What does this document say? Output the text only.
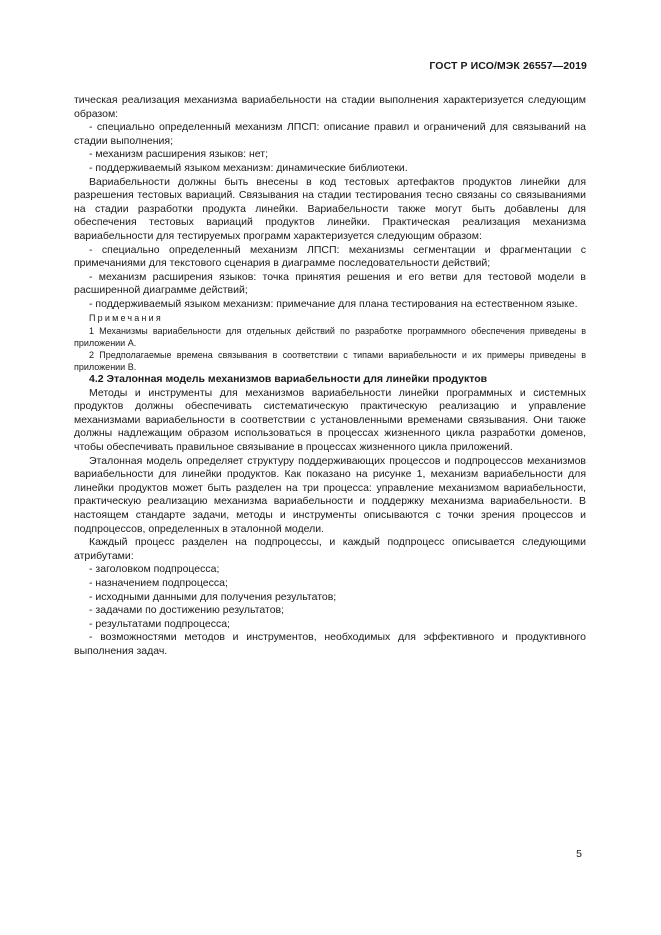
ГОСТ Р ИСО/МЭК 26557—2019

тическая реализация механизма вариабельности на стадии выполнения характеризуется следующим образом:

- специально определенный механизм ЛПСП: описание правил и ограничений для связываний на стадии выполнения;

- механизм расширения языков: нет;

- поддерживаемый языком механизм: динамические библиотеки.

Вариабельности должны быть внесены в код тестовых артефактов продуктов линейки для разрешения тестовых вариаций. Связывания на стадии тестирования тесно связаны со связываниями на стадии разработки продукта линейки. Вариабельности также могут быть добавлены для обеспечения тестовых вариаций продуктов линейки. Практическая реализация механизма вариабельности для тестируемых программ характеризуется следующим образом:

- специально определенный механизм ЛПСП: механизмы сегментации и фрагментации с примечаниями для текстового сценария в диаграмме последовательности действий;

- механизм расширения языков: точка принятия решения и его ветви для тестовой модели в расширенной диаграмме действий;

- поддерживаемый языком механизм: примечание для плана тестирования на естественном языке.

Примечания

1 Механизмы вариабельности для отдельных действий по разработке программного обеспечения приведены в приложении А.

2 Предполагаемые времена связывания в соответствии с типами вариабельности и их примеры приведены в приложении В.

4.2 Эталонная модель механизмов вариабельности для линейки продуктов

Методы и инструменты для механизмов вариабельности линейки программных и системных продуктов должны обеспечивать систематическую практическую реализацию и управление механизмами вариабельности в соответствии с установленными временами связывания. Они также должны надлежащим образом использоваться в процессах жизненного цикла разработки доменов, чтобы обеспечивать правильное связывание в процессах жизненного цикла приложений.

Эталонная модель определяет структуру поддерживающих процессов и подпроцессов механизмов вариабельности для линейки продуктов. Как показано на рисунке 1, механизм вариабельности для линейки продуктов может быть разделен на три процесса: управление механизмом вариабельности, практическую реализацию механизма вариабельности и поддержку механизма вариабельности. В настоящем стандарте задачи, методы и инструменты описываются с точки зрения процессов и подпроцессов, определенных в эталонной модели.

Каждый процесс разделен на подпроцессы, и каждый подпроцесс описывается следующими атрибутами:

- заголовком подпроцесса;

- назначением подпроцесса;

- исходными данными для получения результатов;

- задачами по достижению результатов;

- результатами подпроцесса;

- возможностями методов и инструментов, необходимых для эффективного и продуктивного выполнения задач.

5
